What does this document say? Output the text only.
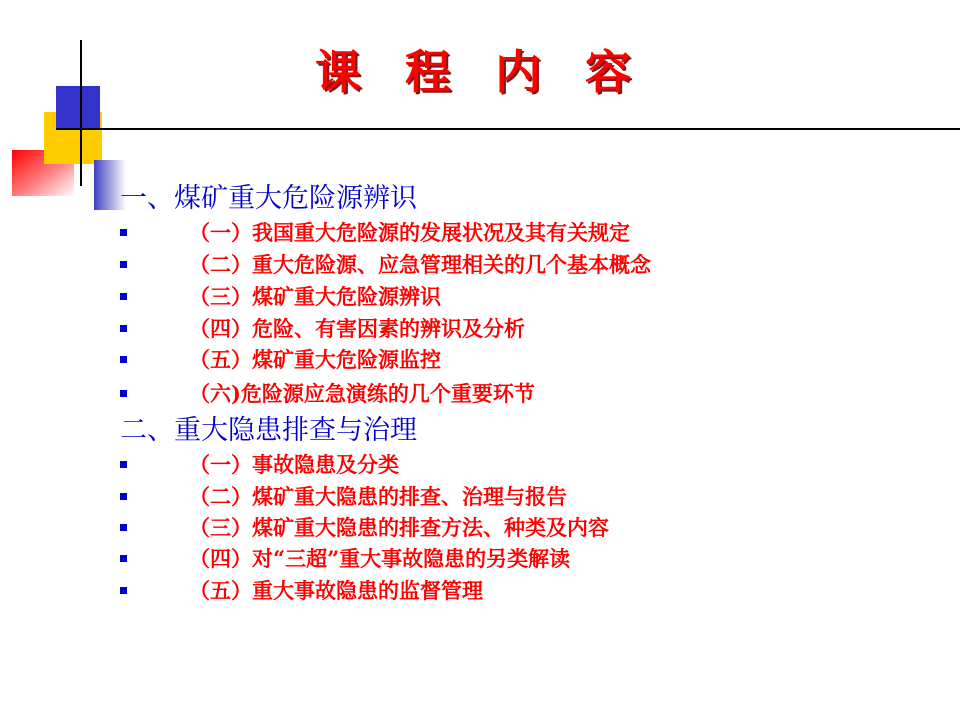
课 程 内 容
一、煤矿重大危险源辨识
（一）我国重大危险源的发展状况及其有关规定
（二）重大危险源、应急管理相关的几个基本概念
（三）煤矿重大危险源辨识
（四）危险、有害因素的辨识及分析
（五）煤矿重大危险源监控
（六)危险源应急演练的几个重要环节
二、重大隐患排查与治理
（一）事故隐患及分类
（二）煤矿重大隐患的排查、治理与报告
（三）煤矿重大隐患的排查方法、种类及内容
（四）对“三超”重大事故隐患的另类解读
（五）重大事故隐患的监督管理
